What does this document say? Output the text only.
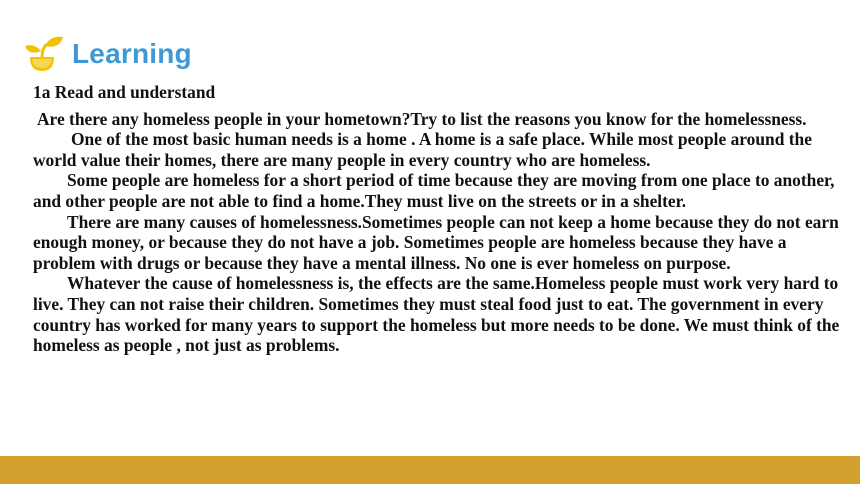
Learning

1a Read and understand

Are there any homeless people in your hometown?Try to list the reasons you know for the homelessness.

One of the most basic human needs is a home . A home is a safe place. While most people around the world value their homes, there are many people in every country who are homeless.

Some people are homeless for a short period of time because they are moving from one place to another, and other people are not able to find a home.They must live on the streets or in a shelter.

There are many causes of homelessness.Sometimes people can not keep a home because they do not earn enough money, or because they do not have a job. Sometimes people are homeless because they have a problem with drugs or because they have a mental illness. No one is ever homeless on purpose.

Whatever the cause of homelessness is, the effects are the same.Homeless people must work very hard to live. They can not raise their children. Sometimes they must steal food just to eat. The government in every country has worked for many years to support the homeless but more needs to be done. We must think of the homeless as people , not just as problems.
